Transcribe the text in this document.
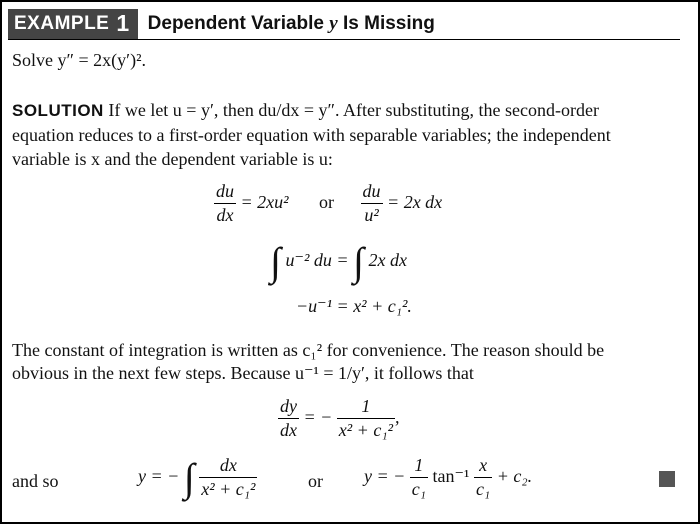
EXAMPLE 1 Dependent Variable y Is Missing
Solve y″ = 2x(y′)².
SOLUTION If we let u = y′, then du/dx = y″. After substituting, the second-order
equation reduces to a first-order equation with separable variables; the independent
variable is x and the dependent variable is u:
$\frac{du}{dx} = 2xu^2$ or $\frac{du}{\text{u²}} = 2x$ dx
∫ u⁻² du = ∫ 2x dx
−u⁻¹ = x² + c₁².
The constant of integration is written as c₁² for convenience. The reason should be
obvious in the next few steps. Because u⁻¹ = 1/y′, it follows that
$\frac{dy}{dx}$ = − $\frac{1}{\text{x² + c₁²}}$ ,
and so	y = − ∫ $\frac{dx}{\text{x² + c₁²}}$	or y = − $\frac{1}{\text{c₁}} \tan^{-1} \frac{x}{\text{c₁}} + c_2$.
